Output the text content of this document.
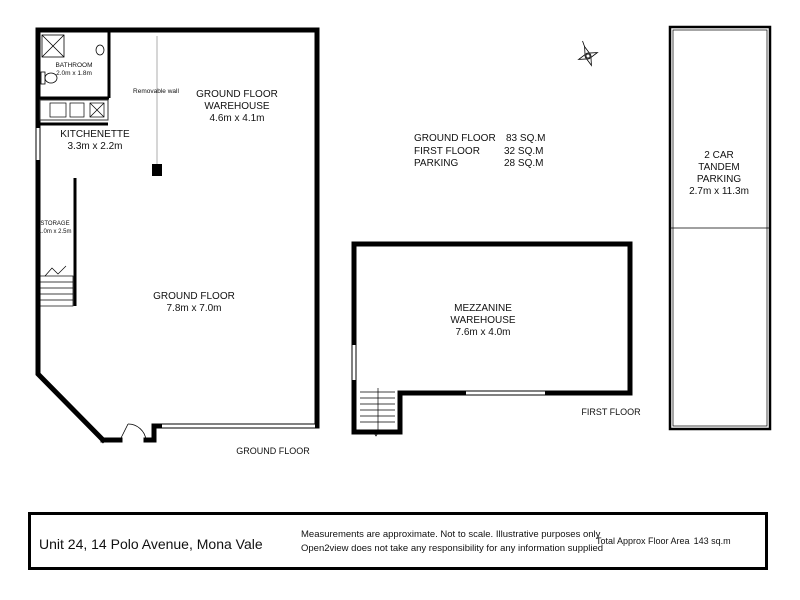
BATHROOM
2.0m x 1.8m
KITCHENETTE
3.3m x 2.2m
Removable wall GROUND FLOOR
WAREHOUSE
4.6m x 4.1m
STORAGE
1.0m x 2.5m
GROUND FLOOR
7.8m x 7.0m
GROUND FLOOR
MEZZANINE
WAREHOUSE
7.6m x 4.0m
FIRST FLOOR
2 CAR
TANDEM
PARKING
2.7m x 11.3m
GROUND FLOOR 83 SQ.M
FIRST FLOOR 32 SQ.M
PARKING	28 SQ.M
Unit 24, 14 Polo Avenue, Mona Vale
Measurements are approximate. Not to scale. Illustrative purposes only
Open2view does not take any responsibility for any information supplied
Total Approx Floor Area 143 sq.m
